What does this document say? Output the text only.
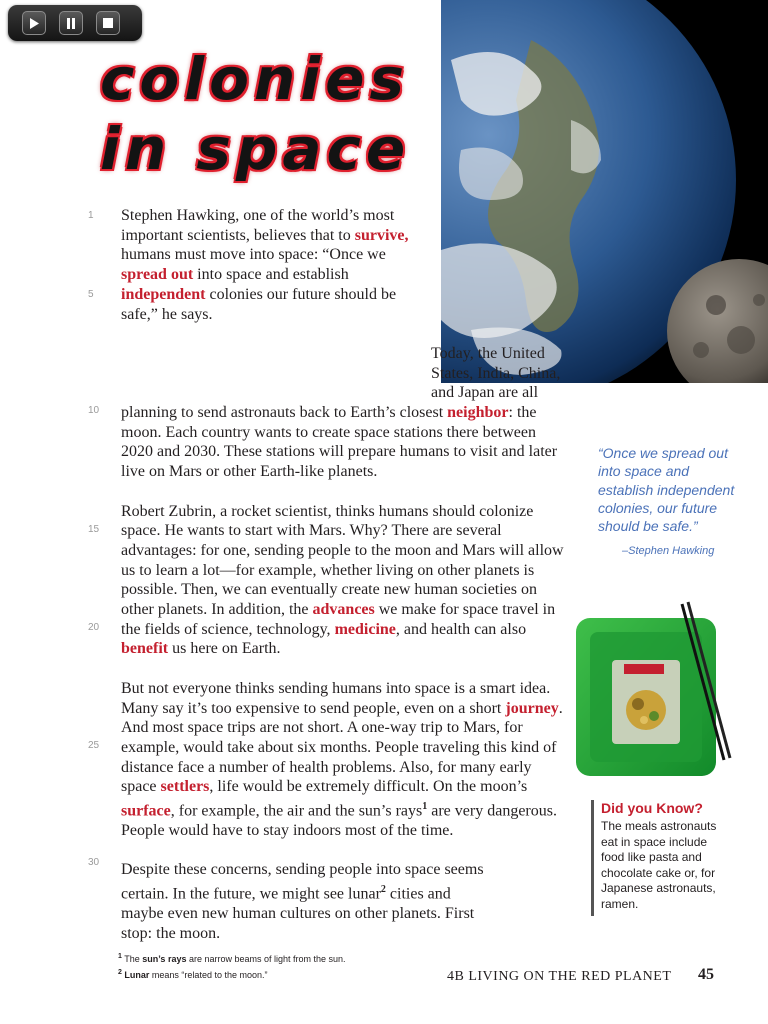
colonies
in space
1
5
10
15
20
25
30

Stephen Hawking, one of the world’s most important scientists, believes that to survive, humans must move into space: “Once we spread out into space and establish independent colonies our future should be safe,” he says.

Today, the United States, India, China, and Japan are all planning to send astronauts back to Earth’s closest neighbor: the moon. Each country wants to create space stations there between 2020 and 2030. These stations will prepare humans to visit and later live on Mars or other Earth-like planets.

Robert Zubrin, a rocket scientist, thinks humans should colonize space. He wants to start with Mars. Why? There are several advantages: for one, sending people to the moon and Mars will allow us to learn a lot—for example, whether living on other planets is possible. Then, we can eventually create new human societies on other planets. In addition, the advances we make for space travel in the fields of science, technology, medicine, and health can also benefit us here on Earth.

But not everyone thinks sending humans into space is a smart idea. Many say it’s too expensive to send people, even on a short journey. And most space trips are not short. A one-way trip to Mars, for example, would take about six months. People traveling this kind of distance face a number of health problems. Also, for many early space settlers, life would be extremely difficult. On the moon’s surface, for example, the air and the sun’s rays$^1$ are very dangerous. People would have to stay indoors most of the time.

Despite these concerns, sending people into space seems certain. In the future, we might see lunar$^2$ cities and maybe even new human cultures on other planets. First stop: the moon.

“Once we spread out into space and establish independent colonies, our future should be safe.”
–Stephen Hawking
Did you Know?
The meals astronauts eat in space include food like pasta and chocolate cake or, for Japanese astronauts, ramen.
$^1$ The sun’s rays are narrow beams of light from the sun.
$^2$ Lunar means “related to the moon.”	4B LIVING ON THE RED PLANET 45
